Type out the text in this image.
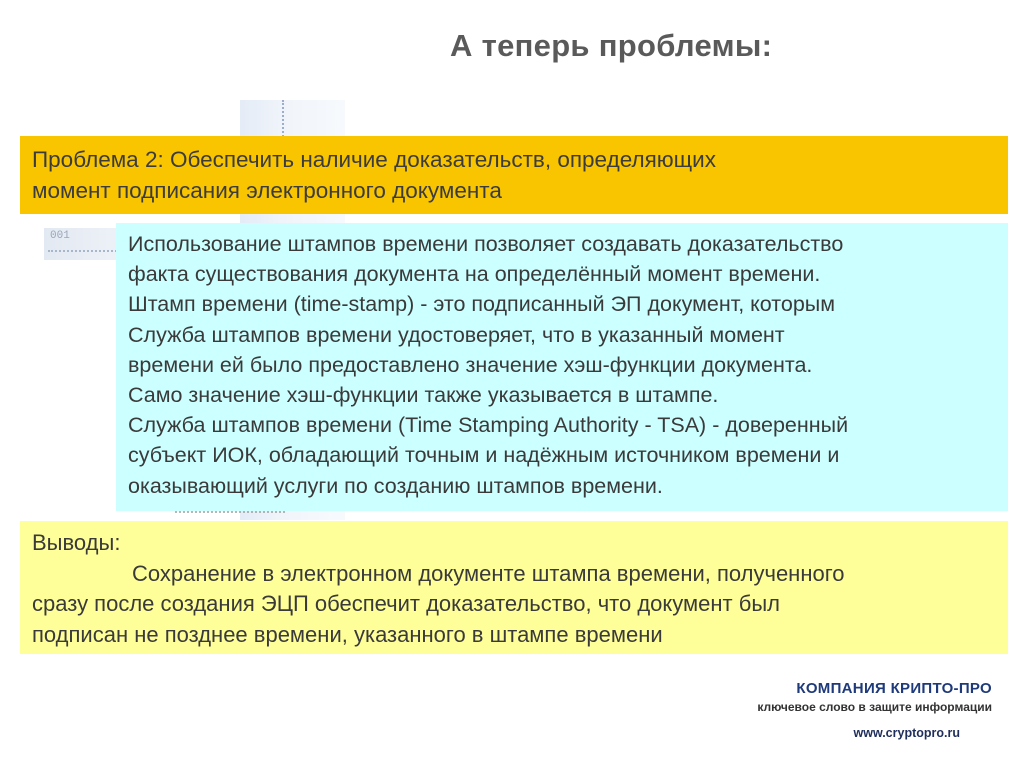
001
А теперь проблемы:

Проблема 2: Обеспечить наличие доказательств, определяющих
момент подписания электронного документа

Использование штампов времени позволяет создавать доказательство
факта существования документа на определённый момент времени.
Штамп времени (time-stamp) - это подписанный ЭП документ, которым
Служба штампов времени удостоверяет, что в указанный момент
времени ей было предоставлено значение хэш-функции документа.
Само значение хэш-функции также указывается в штампе.
Служба штампов времени (Time Stamping Authority - TSA) - доверенный
субъект ИОК, обладающий точным и надёжным источником времени и
оказывающий услуги по созданию штампов времени.
Выводы:
Сохранение в электронном документе штампа времени, полученного
сразу после создания ЭЦП обеспечит доказательство, что документ был
подписан не позднее времени, указанного в штампе времени
КОМПАНИЯ КРИПТО-ПРО
ключевое слово в защите информации
www.cryptopro.ru
